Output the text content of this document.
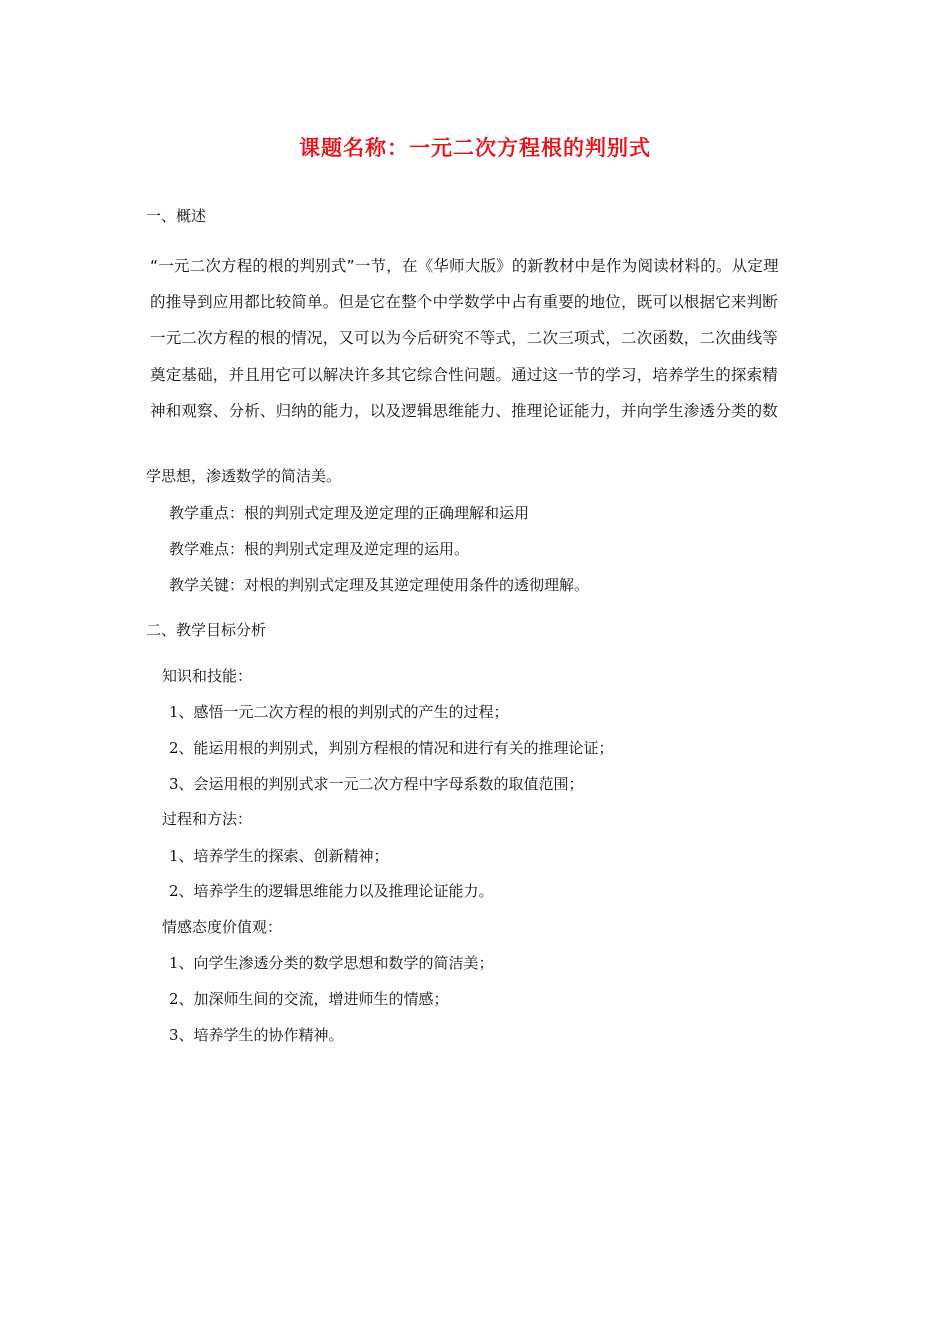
课题名称：一元二次方程根的判别式
一、概述
“一元二次方程的根的判别式”一节，在《华师大版》的新教材中是作为阅读材料的。从定理
的推导到应用都比较简单。但是它在整个中学数学中占有重要的地位，既可以根据它来判断
一元二次方程的根的情况，又可以为今后研究不等式，二次三项式，二次函数，二次曲线等
奠定基础，并且用它可以解决许多其它综合性问题。通过这一节的学习，培养学生的探索精
神和观察、分析、归纳的能力，以及逻辑思维能力、推理论证能力，并向学生渗透分类的数
学思想，渗透数学的简洁美。
教学重点：根的判别式定理及逆定理的正确理解和运用
教学难点：根的判别式定理及逆定理的运用。
教学关键：对根的判别式定理及其逆定理使用条件的透彻理解。
二、教学目标分析
知识和技能：
1、感悟一元二次方程的根的判别式的产生的过程；
2、能运用根的判别式，判别方程根的情况和进行有关的推理论证；
3、会运用根的判别式求一元二次方程中字母系数的取值范围；
过程和方法：
1、培养学生的探索、创新精神；
2、培养学生的逻辑思维能力以及推理论证能力。
情感态度价值观：
1、向学生渗透分类的数学思想和数学的简洁美；
2、加深师生间的交流，增进师生的情感；
3、培养学生的协作精神。
